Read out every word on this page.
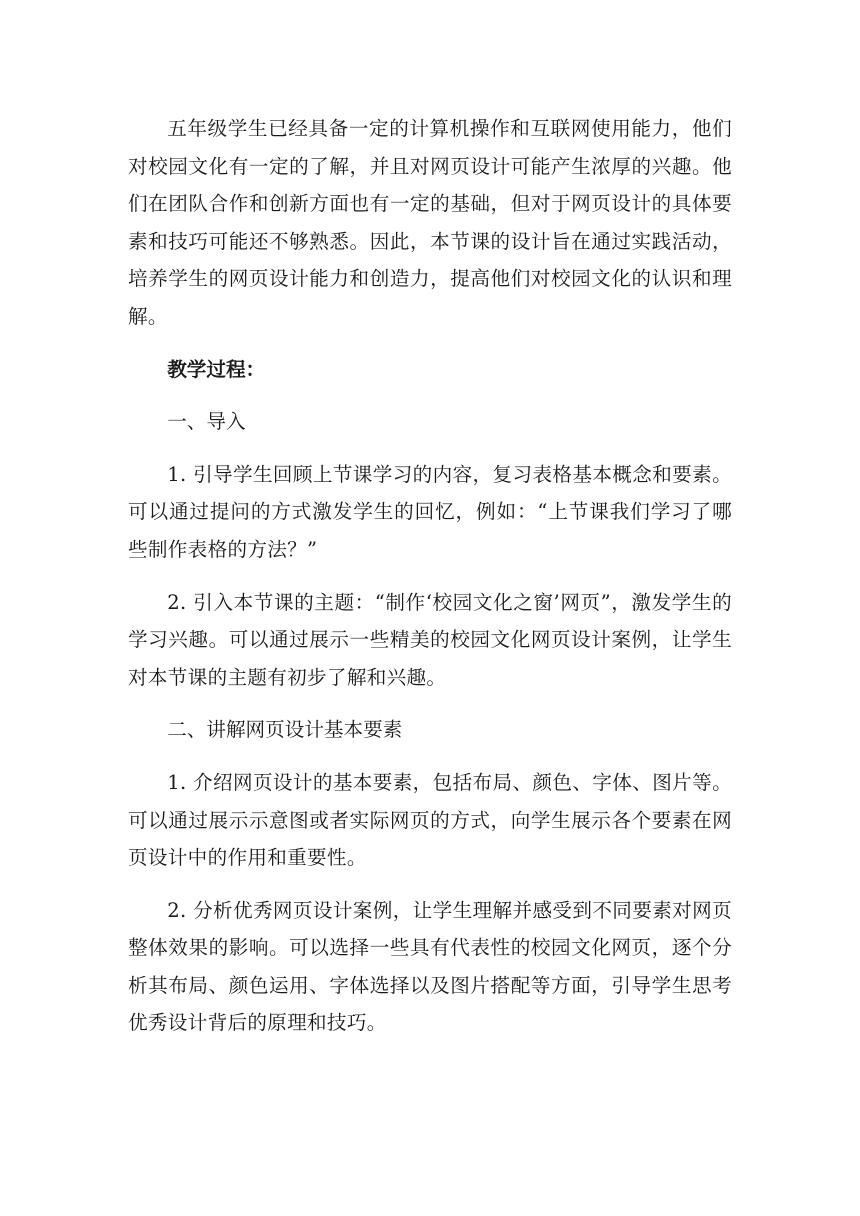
五年级学生已经具备一定的计算机操作和互联网使用能力，他们对校园文化有一定的了解，并且对网页设计可能产生浓厚的兴趣。他们在团队合作和创新方面也有一定的基础，但对于网页设计的具体要素和技巧可能还不够熟悉。因此，本节课的设计旨在通过实践活动，培养学生的网页设计能力和创造力，提高他们对校园文化的认识和理解。

教学过程：

一、导入

1. 引导学生回顾上节课学习的内容，复习表格基本概念和要素。可以通过提问的方式激发学生的回忆，例如：“上节课我们学习了哪些制作表格的方法？”

2. 引入本节课的主题：“制作‘校园文化之窗’网页”，激发学生的学习兴趣。可以通过展示一些精美的校园文化网页设计案例，让学生对本节课的主题有初步了解和兴趣。

二、讲解网页设计基本要素

1. 介绍网页设计的基本要素，包括布局、颜色、字体、图片等。可以通过展示示意图或者实际网页的方式，向学生展示各个要素在网页设计中的作用和重要性。

2. 分析优秀网页设计案例，让学生理解并感受到不同要素对网页整体效果的影响。可以选择一些具有代表性的校园文化网页，逐个分析其布局、颜色运用、字体选择以及图片搭配等方面，引导学生思考优秀设计背后的原理和技巧。
